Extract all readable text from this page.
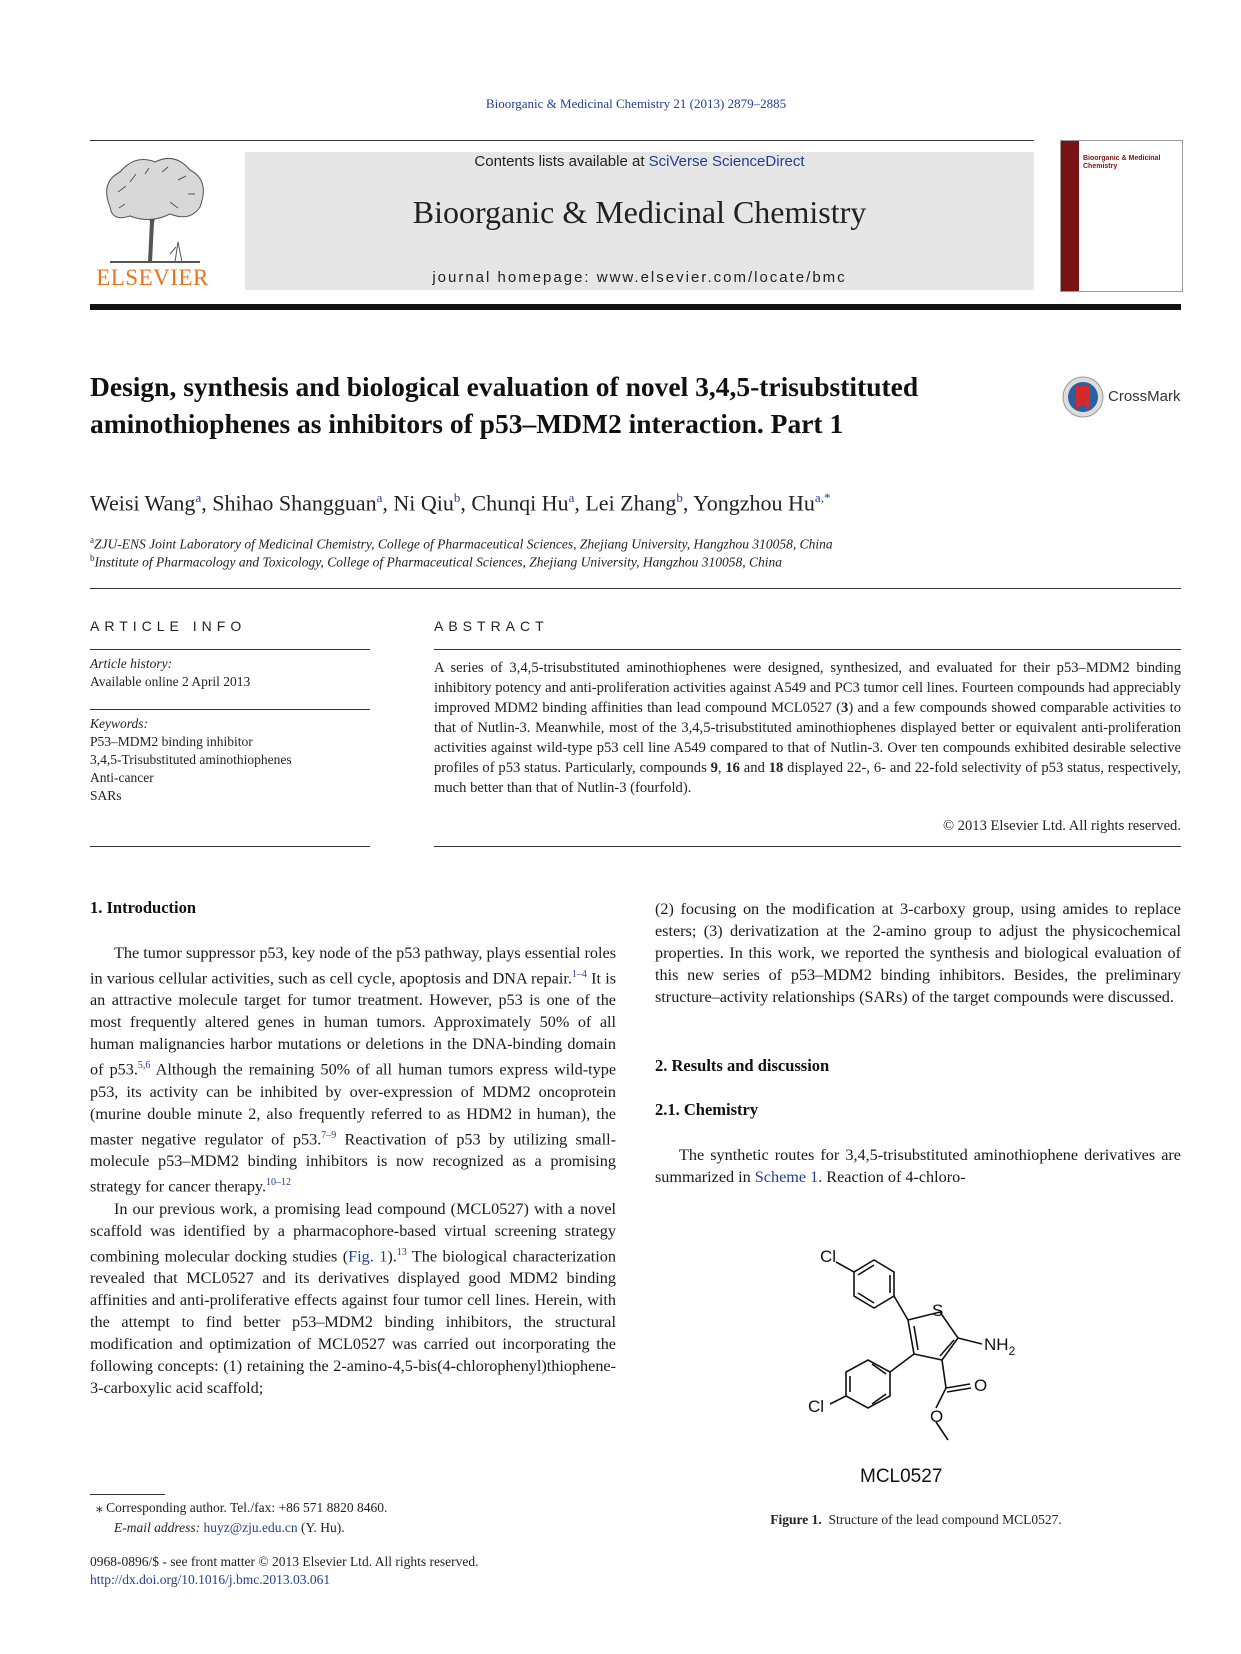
Bioorganic & Medicinal Chemistry 21 (2013) 2879–2885
ELSEVIER
Contents lists available at SciVerse ScienceDirect
Bioorganic & Medicinal Chemistry
journal homepage: www.elsevier.com/locate/bmc
Bioorganic & Medicinal Chemistry
CrossMark
Design, synthesis and biological evaluation of novel 3,4,5-trisubstituted aminothiophenes as inhibitors of p53–MDM2 interaction. Part 1
Weisi Wang$^a$, Shihao Shangguan$^a$, Ni Qiu$^b$, Chunqi Hu$^a$, Lei Zhang$^b$, Yongzhou $Hu^{a,*}$
$^a$ZJU-ENS Joint Laboratory of Medicinal Chemistry, College of Pharmaceutical Sciences, Zhejiang University, Hangzhou 310058, China
$^b$Institute of Pharmacology and Toxicology, College of Pharmaceutical Sciences, Zhejiang University, Hangzhou 310058, China
ARTICLE INFO
Article history:
Available online 2 April 2013
Keywords:
P53–MDM2 binding inhibitor
3,4,5-Trisubstituted aminothiophenes
Anti-cancer
SARs
ABSTRACT
A series of 3,4,5-trisubstituted aminothiophenes were designed, synthesized, and evaluated for their p53–MDM2 binding inhibitory potency and anti-proliferation activities against A549 and PC3 tumor cell lines. Fourteen compounds had appreciably improved MDM2 binding affinities than lead compound MCL0527 (3) and a few compounds showed comparable activities to that of Nutlin-3. Meanwhile, most of the 3,4,5-trisubstituted aminothiophenes displayed better or equivalent anti-proliferation activities against wild-type p53 cell line A549 compared to that of Nutlin-3. Over ten compounds exhibited desirable selective profiles of p53 status. Particularly, compounds 9, 16 and 18 displayed 22-, 6- and 22-fold selectivity of p53 status, respectively, much better than that of Nutlin-3 (fourfold).
© 2013 Elsevier Ltd. All rights reserved.
1. Introduction

The tumor suppressor p53, key node of the p53 pathway, plays essential roles in various cellular activities, such as cell cycle, apoptosis and DNA repair.$^{1-4}$ It is an attractive molecule target for tumor treatment. However, p53 is one of the most frequently altered genes in human tumors. Approximately 50% of all human malignancies harbor mutations or deletions in the DNA-binding domain of p53.$^{5,6}$ Although the remaining 50% of all human tumors express wild-type p53, its activity can be inhibited by over-expression of MDM2 oncoprotein (murine double minute 2, also frequently referred to as HDM2 in human), the master negative regulator of p53.$^{7-9}$ Reactivation of p53 by utilizing small-molecule p53–MDM2 binding inhibitors is now recognized as a promising strategy for cancer therapy.$^{10-12}$

In our previous work, a promising lead compound (MCL0527) with a novel scaffold was identified by a pharmacophore-based virtual screening strategy combining molecular docking studies (Fig. 1).$^{13}$ The biological characterization revealed that MCL0527 and its derivatives displayed good MDM2 binding affinities and anti-proliferative effects against four tumor cell lines. Herein, with the attempt to find better p53–MDM2 binding inhibitors, the structural modification and optimization of MCL0527 was carried out incorporating the following concepts: (1) retaining the 2-amino-4,5-bis(4-chlorophenyl)thiophene-3-carboxylic acid scaffold;

(2) focusing on the modification at 3-carboxy group, using amides to replace esters; (3) derivatization at the 2-amino group to adjust the physicochemical properties. In this work, we reported the synthesis and biological evaluation of this new series of p53–MDM2 binding inhibitors. Besides, the preliminary structure–activity relationships (SARs) of the target compounds were discussed.

2. Results and discussion
2.1. Chemistry

The synthetic routes for 3,4,5-trisubstituted aminothiophene derivatives are summarized in Scheme 1. Reaction of 4-chloro-

Cl
S
$NH_2$
O
O
Cl
MCL0527
Figure 1. Structure of the lead compound MCL0527.
⁎ Corresponding author. Tel./fax: +86 571 8820 8460.
E-mail address: huyz@zju.edu.cn (Y. Hu).
0968-0896/$ - see front matter © 2013 Elsevier Ltd. All rights reserved.
http://dx.doi.org/10.1016/j.bmc.2013.03.061
